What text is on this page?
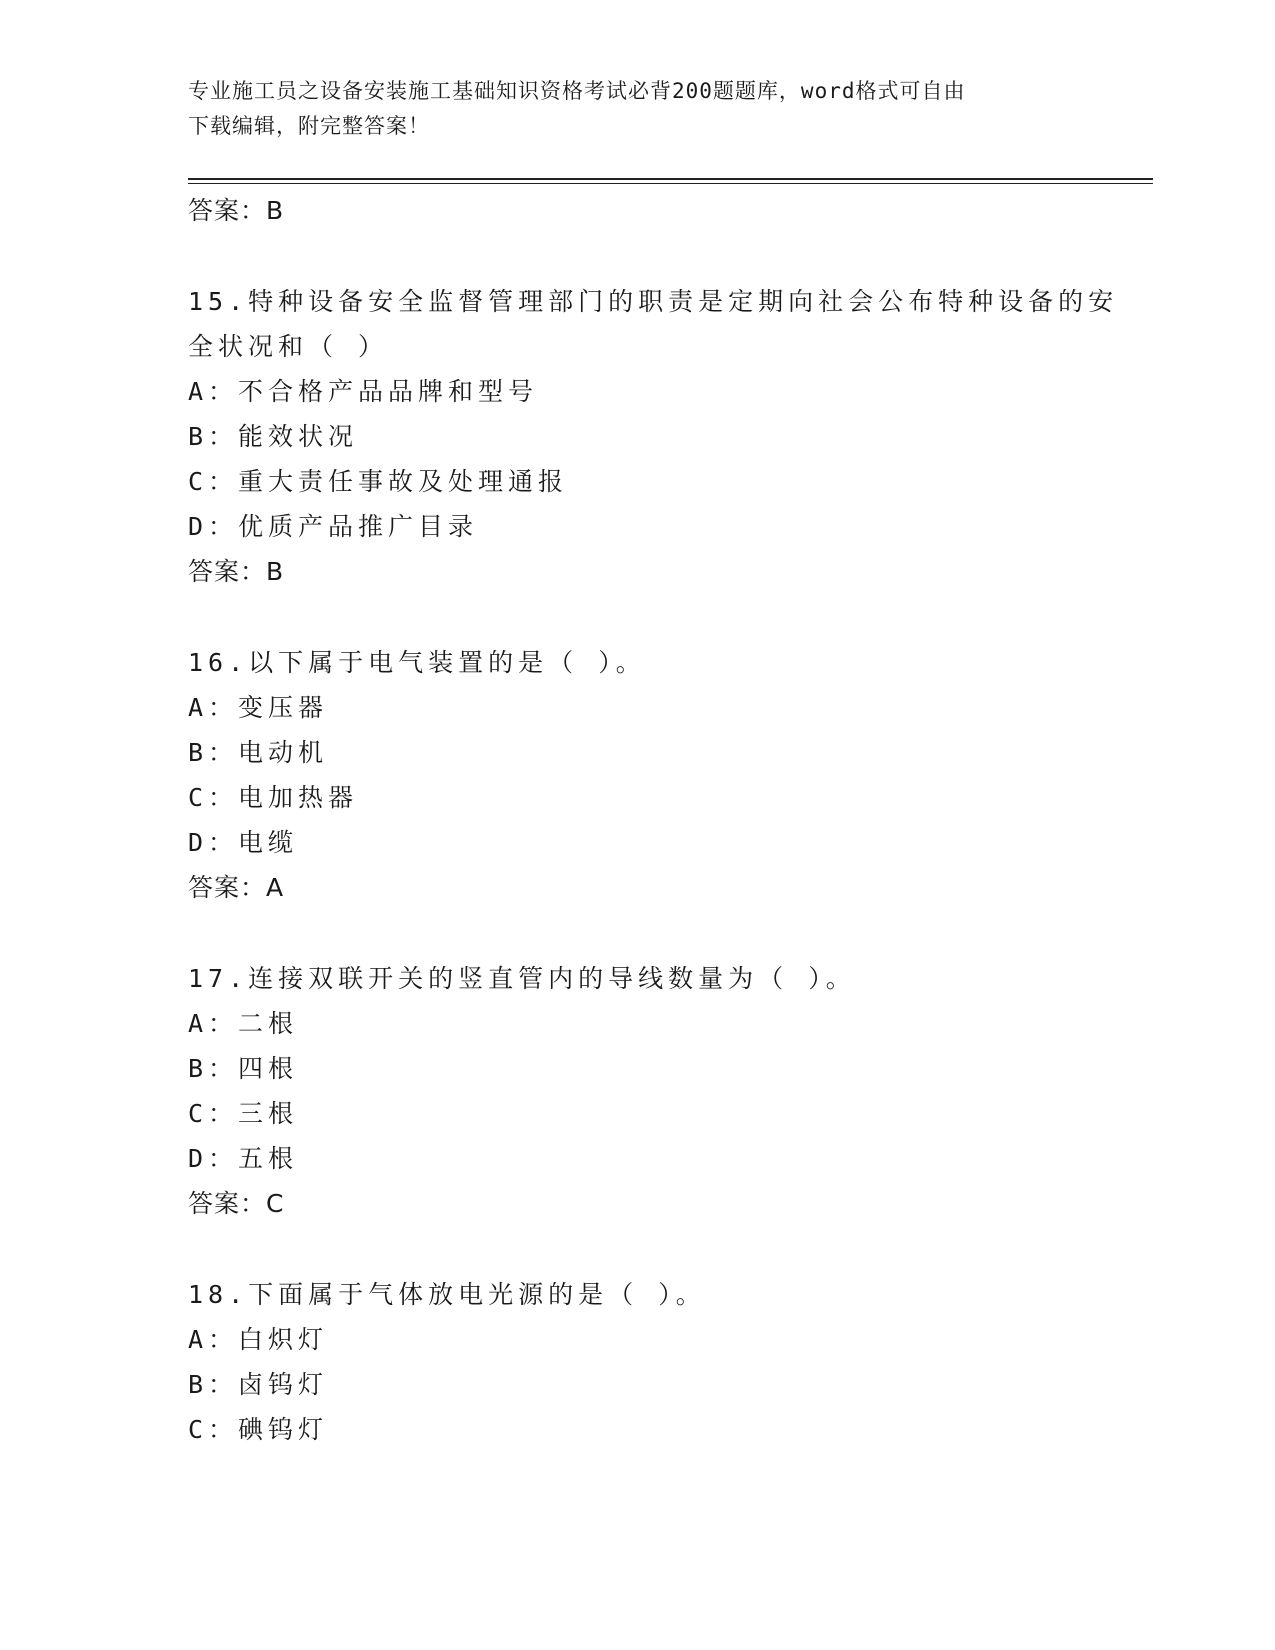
专业施工员之设备安装施工基础知识资格考试必背200题题库，word格式可自由
下载编辑，附完整答案！
答案：B
15.特种设备安全监督管理部门的职责是定期向社会公布特种设备的安
全状况和（ ）
A：不合格产品品牌和型号
B：能效状况
C：重大责任事故及处理通报
D：优质产品推广目录
答案：B
16.以下属于电气装置的是（ ）。
A：变压器
B：电动机
C：电加热器
D：电缆
答案：A
17.连接双联开关的竖直管内的导线数量为（ ）。
A：二根
B：四根
C：三根
D：五根
答案：C
18.下面属于气体放电光源的是（ ）。
A：白炽灯
B：卤钨灯
C：碘钨灯
